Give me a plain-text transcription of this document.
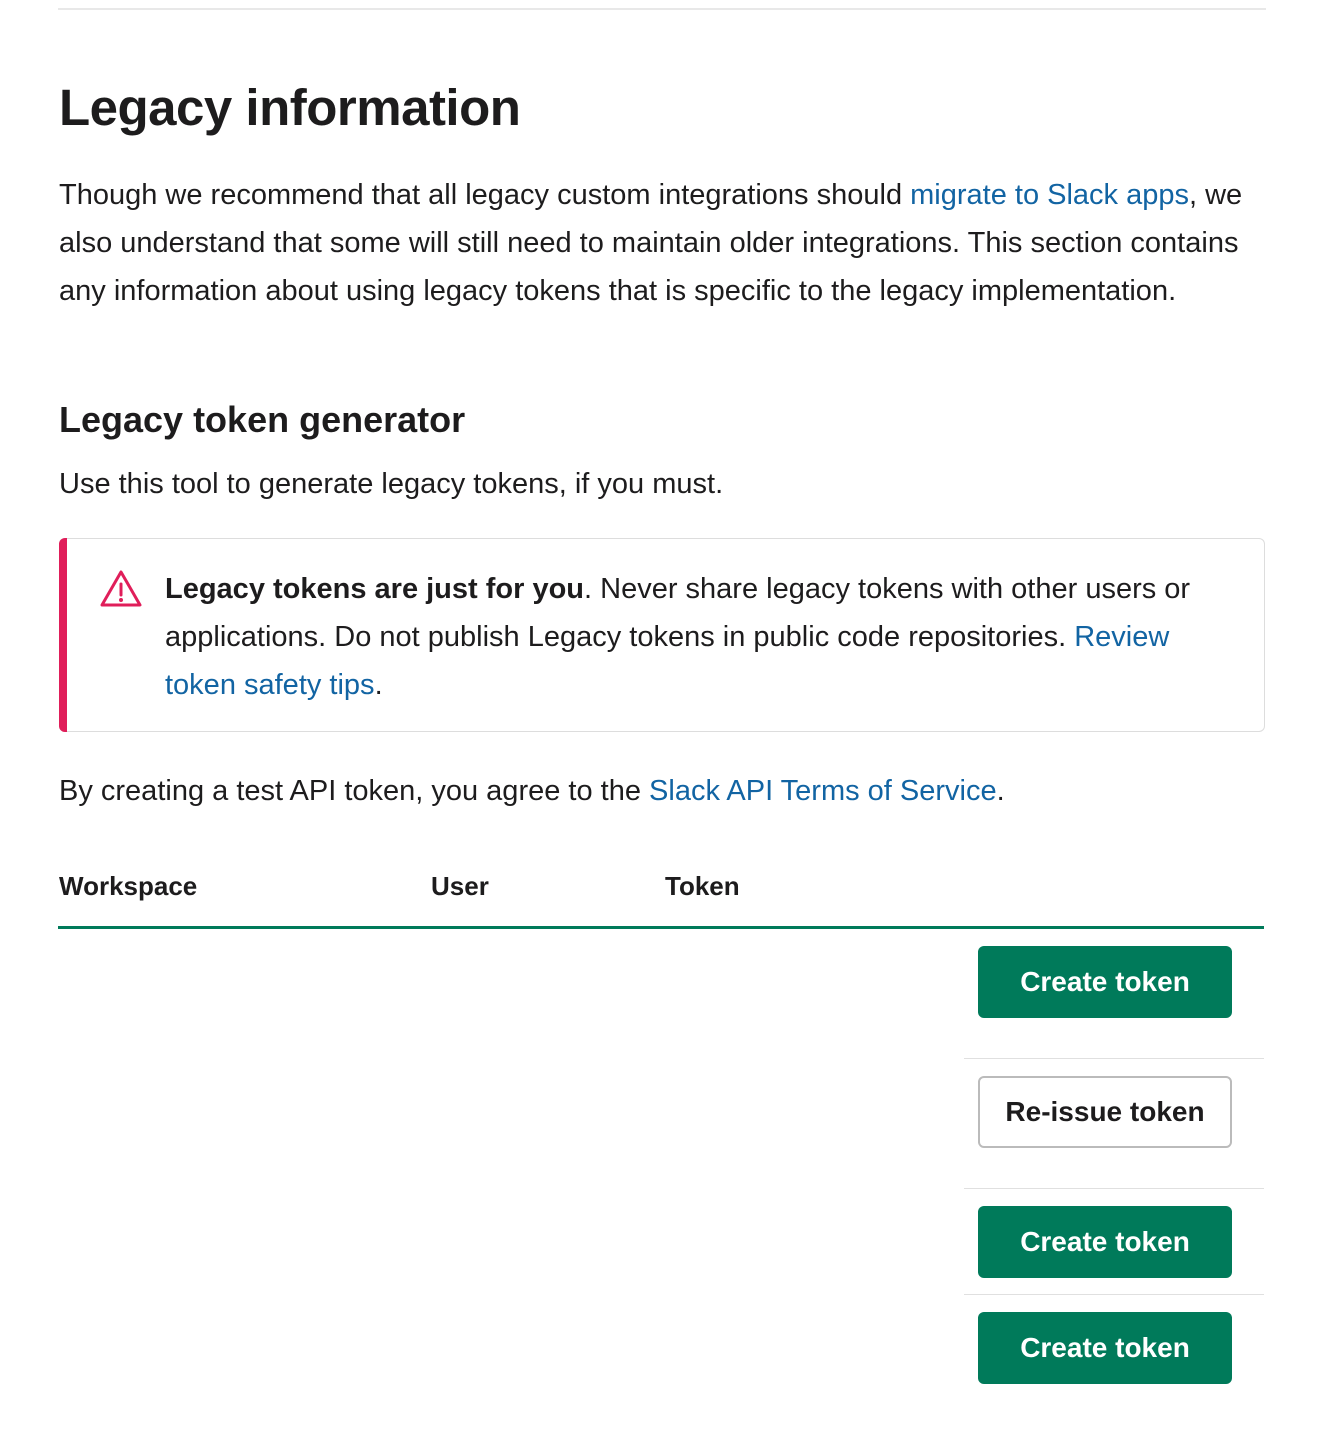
Legacy information

Though we recommend that all legacy custom integrations should migrate to Slack apps, we also understand that some will still need to maintain older integrations. This section contains any information about using legacy tokens that is specific to the legacy implementation.

Legacy token generator

Use this tool to generate legacy tokens, if you must.

Legacy tokens are just for you. Never share legacy tokens with other users or applications. Do not publish Legacy tokens in public code repositories. Review token safety tips.

By creating a test API token, you agree to the Slack API Terms of Service.

Workspace	User	Token
Create token
Re-issue token
Create token
Create token
